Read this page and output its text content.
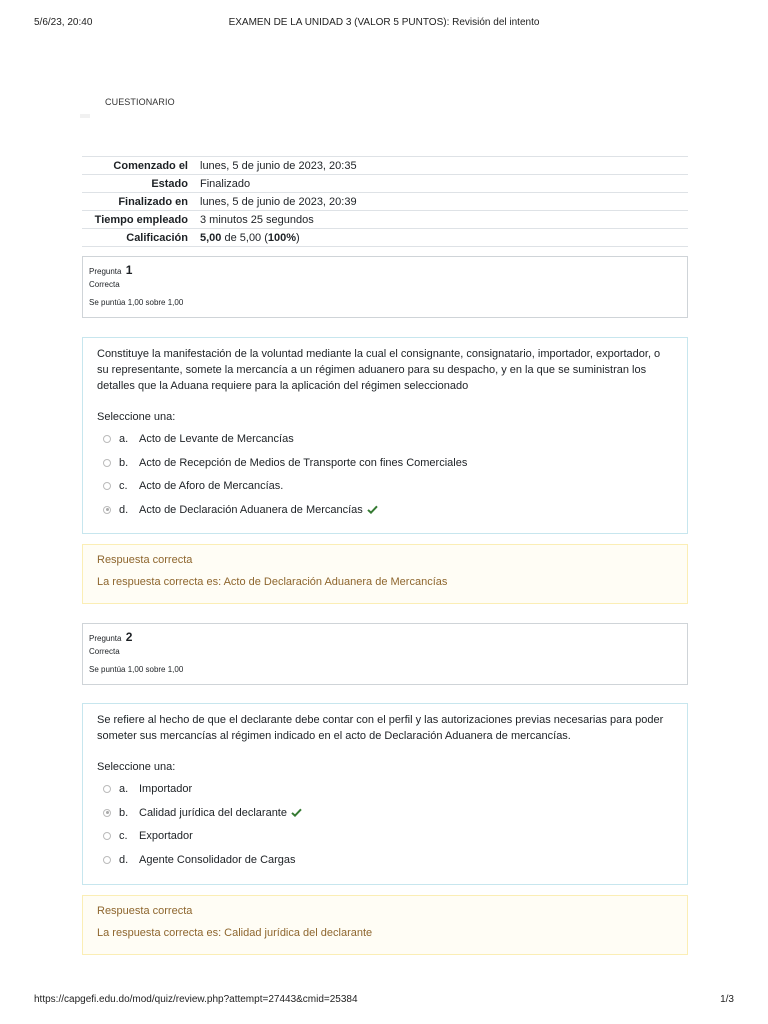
5/6/23, 20:40	EXAMEN DE LA UNIDAD 3 (VALOR 5 PUNTOS): Revisión del intento
CUESTIONARIO
Comenzado el	lunes, 5 de junio de 2023, 20:35
Estado	Finalizado
Finalizado en	lunes, 5 de junio de 2023, 20:39
Tiempo empleado	3 minutos 25 segundos
Calificación	5,00 de 5,00 (100%)
Pregunta 1
Correcta
Se puntúa 1,00 sobre 1,00
Constituye la manifestación de la voluntad mediante la cual el consignante, consignatario, importador, exportador, o su representante, somete la mercancía a un régimen aduanero para su despacho, y en la que se suministran los detalles que la Aduana requiere para la aplicación del régimen seleccionado
Seleccione una:
a. Acto de Levante de Mercancías
b. Acto de Recepción de Medios de Transporte con fines Comerciales
c.	Acto de Aforo de Mercancías.
d. Acto de Declaración Aduanera de Mercancías
Respuesta correcta
La respuesta correcta es: Acto de Declaración Aduanera de Mercancías
Pregunta 2
Correcta
Se puntúa 1,00 sobre 1,00
Se refiere al hecho de que el declarante debe contar con el perfil y las autorizaciones previas necesarias para poder someter sus mercancías al régimen indicado en el acto de Declaración Aduanera de mercancías.
Seleccione una:
a. Importador
b. Calidad jurídica del declarante
c.	Exportador
d. Agente Consolidador de Cargas
Respuesta correcta
La respuesta correcta es: Calidad jurídica del declarante
https://capgefi.edu.do/mod/quiz/review.php?attempt=27443&cmid=25384	1/3
